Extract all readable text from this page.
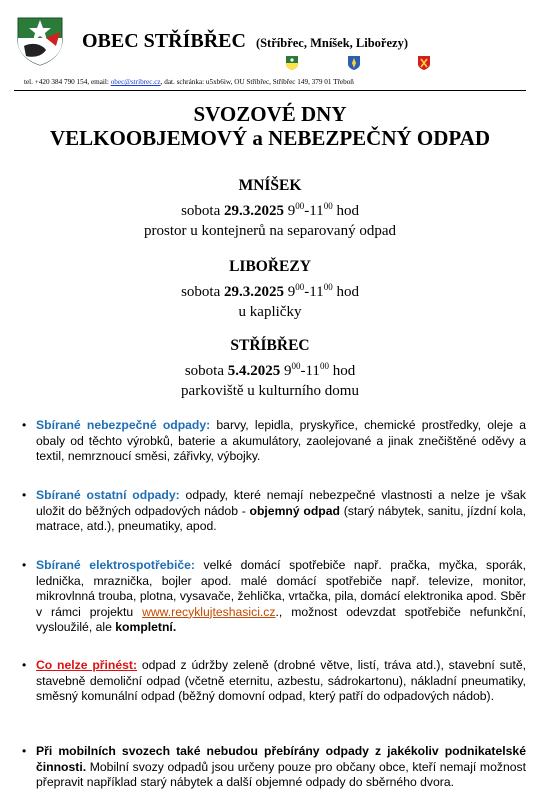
OBEC STŘÍBŘEC (Stříbřec, Mníšek, Libořezy)
tel. +420 384 790 154, email: obec@stribrec.cz, dat. schránka: u5xb6iw, OU Stříbřec, Stříbřec 149, 379 01 Třeboň
SVOZOVÉ DNY
VELKOOBJEMOVÝ a NEBEZPEČNÝ ODPAD
MNÍŠEK
sobota 29.3.2025 $9^{00}-11^{00}$ hod
prostor u kontejnerů na separovaný odpad
LIBOŘEZY
sobota 29.3.2025 $9^{00}-11^{00}$ hod
u kapličky
STŘÍBŘEC
sobota 5.4.2025 $9^{00}-11^{00}$ hod
parkoviště u kulturního domu
• Sbírané nebezpečné odpady: barvy, lepidla, pryskyřice, chemické prostředky, oleje a obaly od těchto výrobků, baterie a akumulátory, zaolejované a jinak znečištěné oděvy a textil, nemrznoucí směsi, zářivky, výbojky.
• Sbírané ostatní odpady: odpady, které nemají nebezpečné vlastnosti a nelze je však uložit do běžných odpadových nádob - objemný odpad (starý nábytek, sanitu, jízdní kola, matrace, atd.), pneumatiky, apod.
• Sbírané elektrospotřebiče: velké domácí spotřebiče např. pračka, myčka, sporák, lednička, mraznička, bojler apod. malé domácí spotřebiče např. televize, monitor, mikrovlnná trouba, plotna, vysavače, žehlička, vrtačka, pila, domácí elektronika apod. Sběr v rámci projektu www.recyklujteshasici.cz., možnost odevzdat spotřebiče nefunkční, vysloužilé, ale kompletní.
• Co nelze přinést: odpad z údržby zeleně (drobné větve, listí, tráva atd.), stavební sutě, stavebně demoliční odpad (včetně eternitu, azbestu, sádrokartonu), nákladní pneumatiky, směsný komunální odpad (běžný domovní odpad, který patří do odpadových nádob).
• Při mobilních svozech také nebudou přebírány odpady z jakékoliv podnikatelské činnosti. Mobilní svozy odpadů jsou určeny pouze pro občany obce, kteří nemají možnost přepravit například starý nábytek a další objemné odpady do sběrného dvora.
